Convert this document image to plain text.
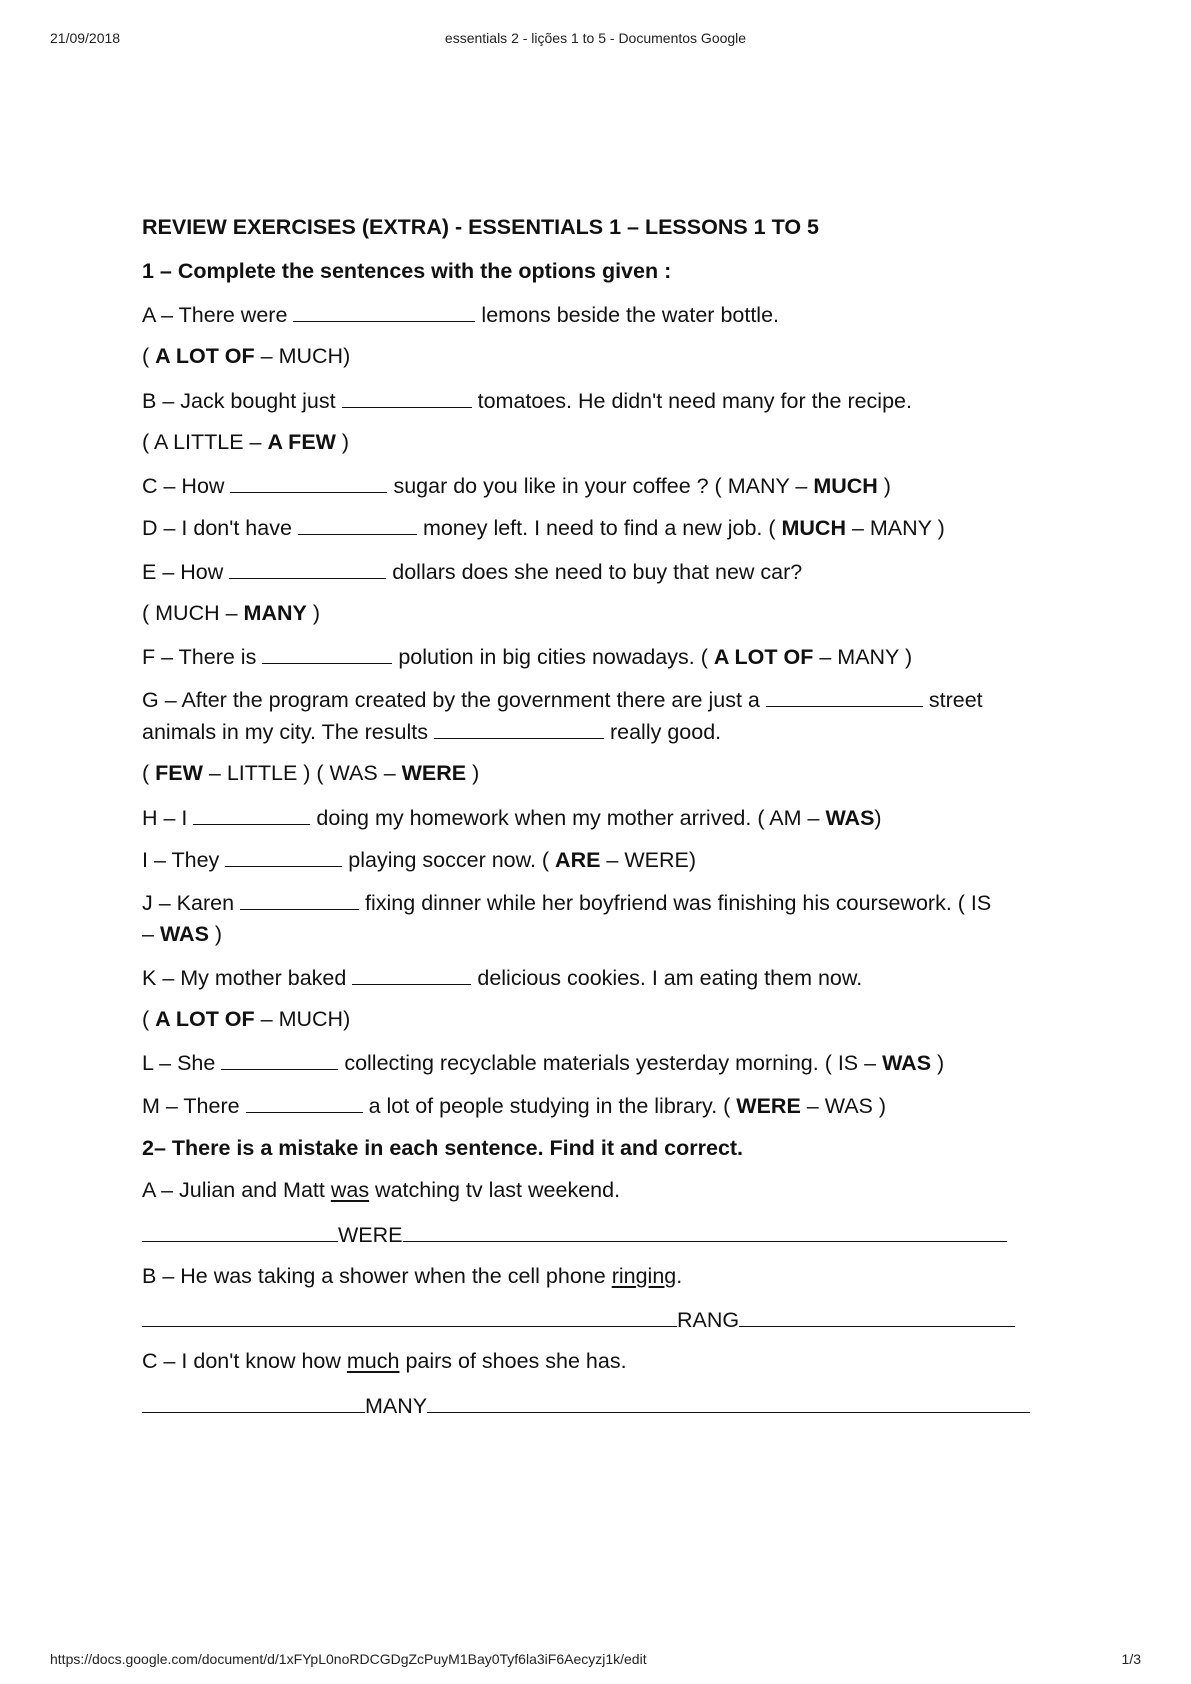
21/09/2018	essentials 2 - lições 1 to 5 - Documentos Google
REVIEW EXERCISES (EXTRA) - ESSENTIALS 1 – LESSONS 1 TO 5
1 – Complete the sentences with the options given :
A – There were	lemons beside the water bottle.
( A LOT OF – MUCH)
B – Jack bought just	tomatoes. He didn't need many for the recipe.
( A LITTLE – A FEW )
C – How	sugar do you like in your coffee ? ( MANY – MUCH )
D – I don't have	money left. I need to find a new job. ( MUCH – MANY )
E – How	dollars does she need to buy that new car?
( MUCH – MANY )
F – There is	polution in big cities nowadays. ( A LOT OF – MANY )
G – After the program created by the government there are just a	street
animals in my city. The results	really good.
( FEW – LITTLE ) ( WAS – WERE )
H – I	doing my homework when my mother arrived. ( AM – WAS)
I – They	playing soccer now. ( ARE – WERE)
J – Karen	fixing dinner while her boyfriend was finishing his coursework. ( IS
– WAS )
K – My mother baked	delicious cookies. I am eating them now.
( A LOT OF – MUCH)
L – She	collecting recyclable materials yesterday morning. ( IS – WAS )
M – There	a lot of people studying in the library. ( WERE – WAS )
2– There is a mistake in each sentence. Find it and correct.
A – Julian and Matt was watching tv last weekend.
WERE
B – He was taking a shower when the cell phone ringing.
RANG
C – I don't know how much pairs of shoes she has.
MANY
https://docs.google.com/document/d/1xFYpL0noRDCGDgZcPuyM1Bay0Tyf6la3iF6Aecyzj1k/edit	1/3
